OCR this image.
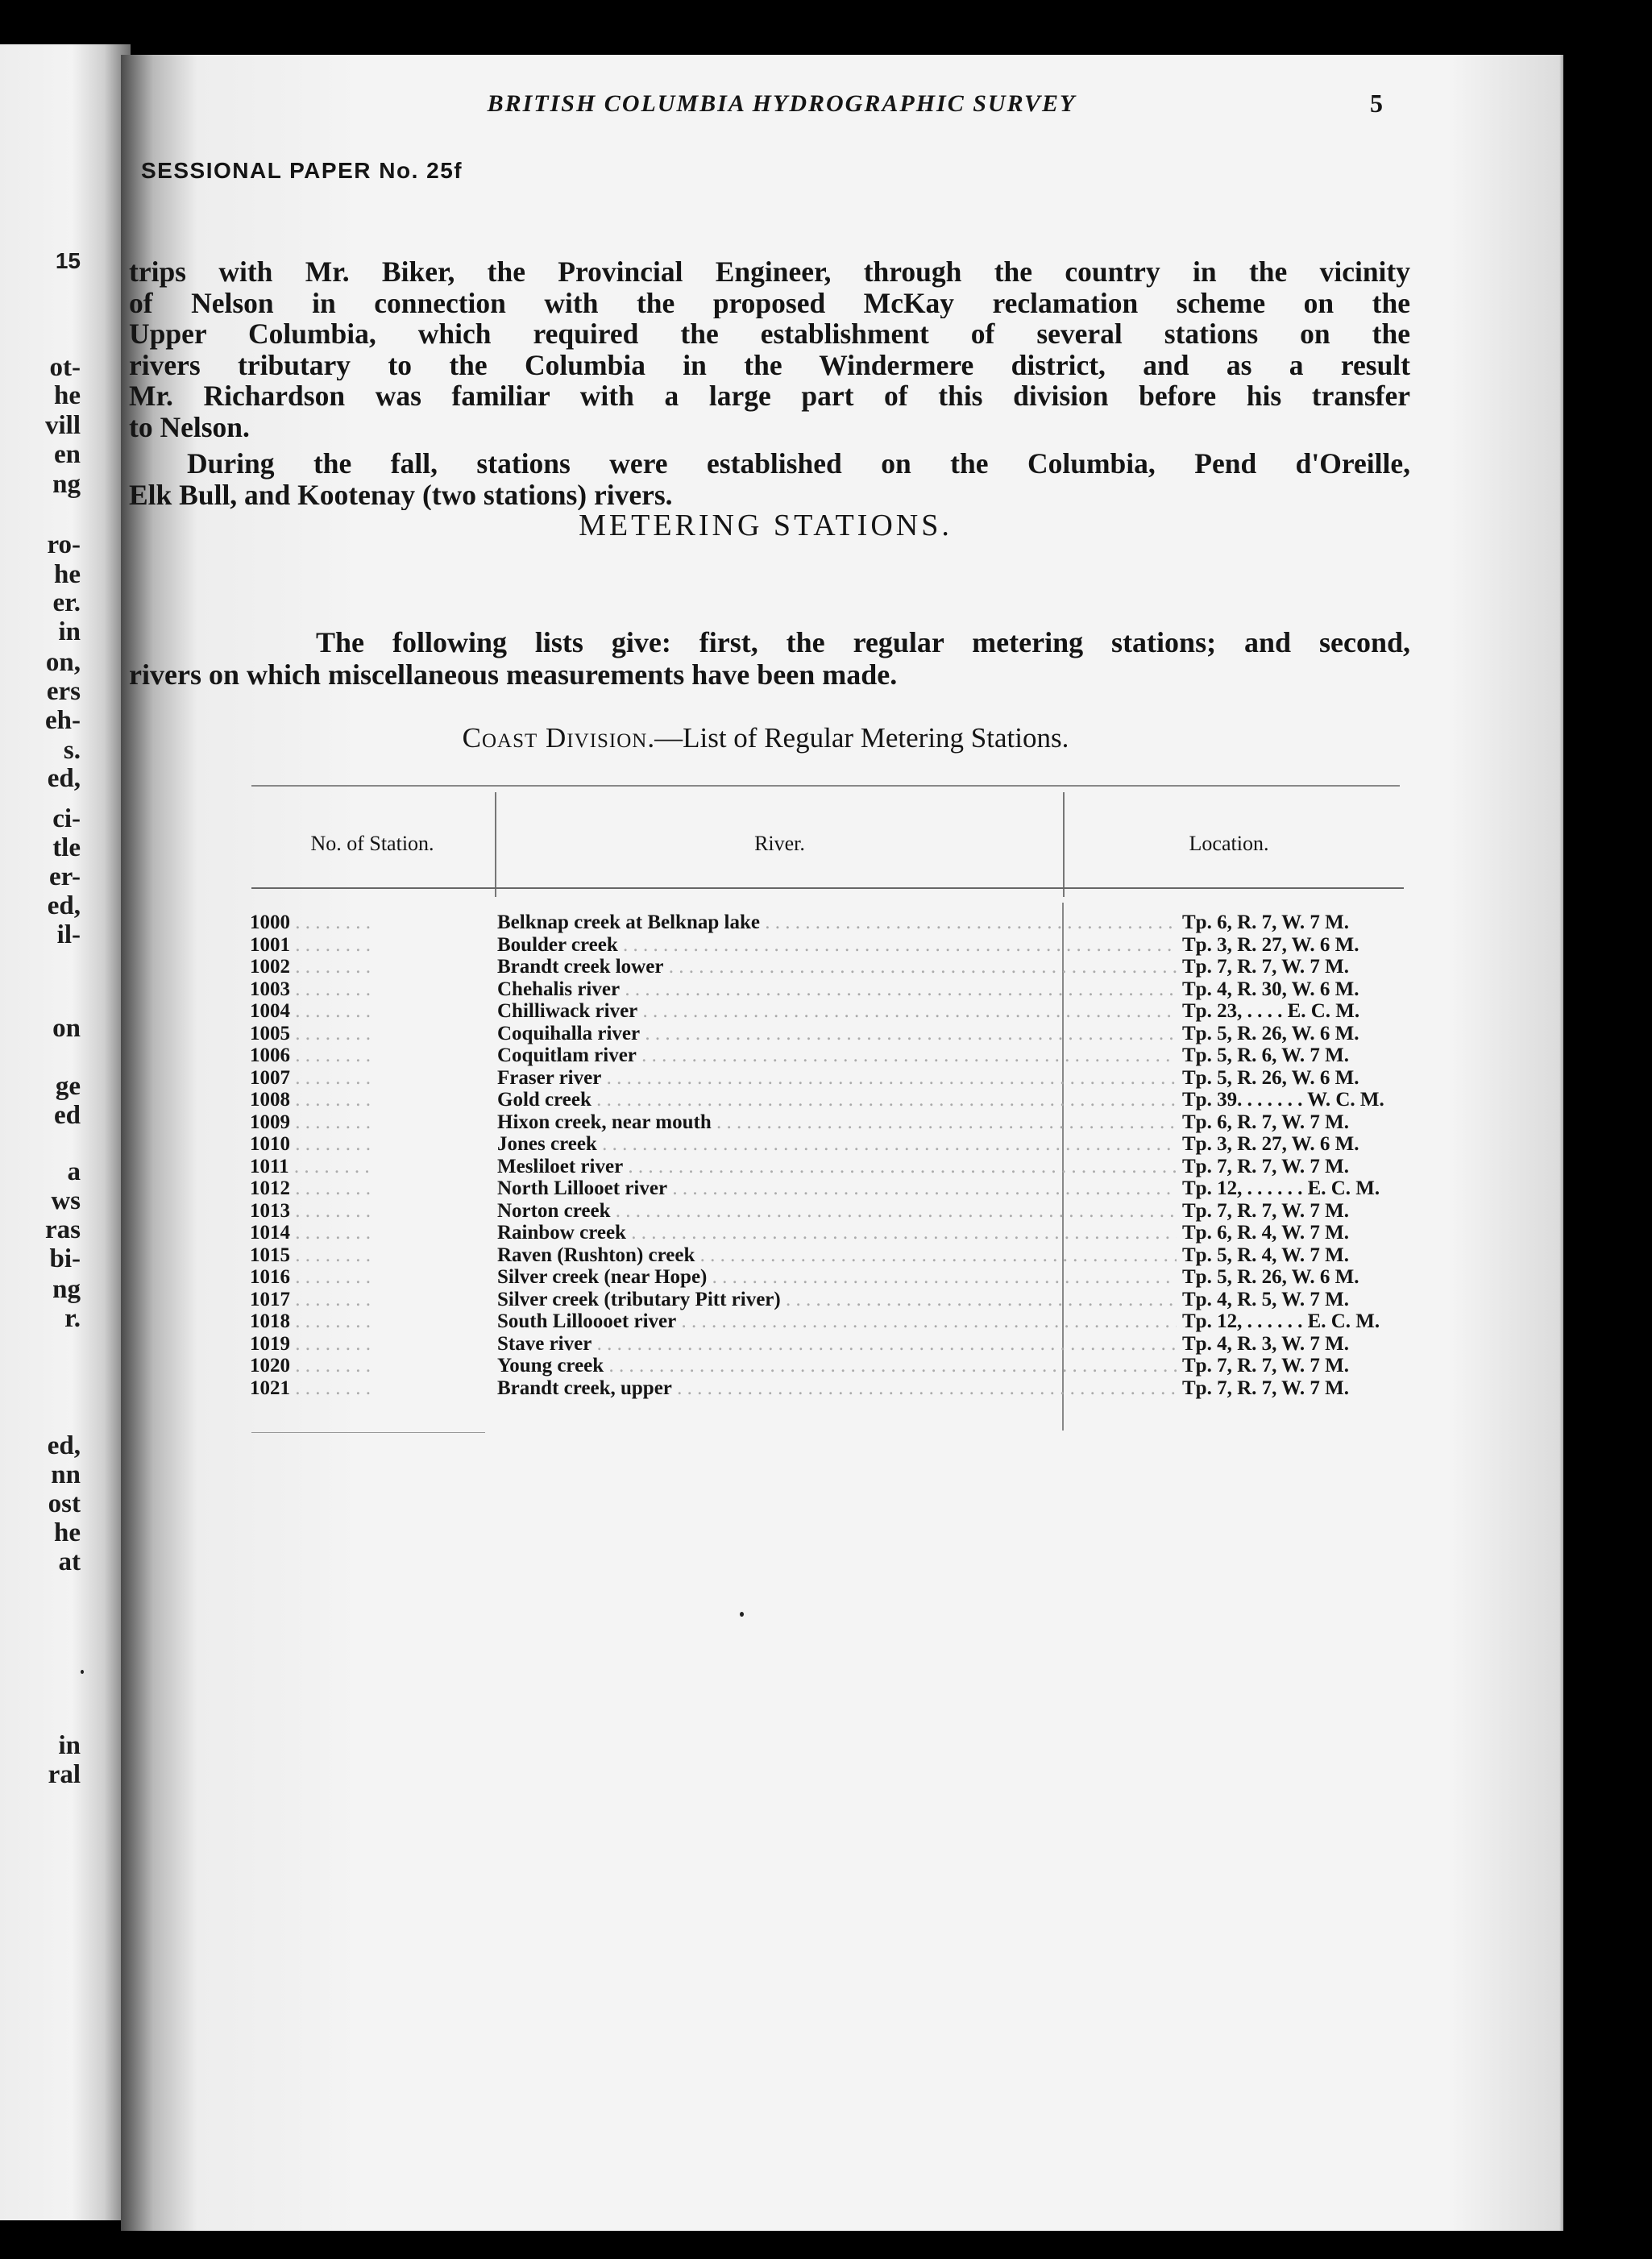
15
ot-
he
vill
en
ng
ro-
he
er.
in
on,
ers
eh-
s.
ed,
ci-
tle
er-
ed,
il-
on
ge
ed
a
ws
ras
bi-
ng
r.
ed,
nn
ost
he
at
in
ral
BRITISH COLUMBIA HYDROGRAPHIC SURVEY	5
SESSIONAL PAPER No. 25f
trips with Mr. Biker, the Provincial Engineer, through the country in the vicinity
of Nelson in connection with the proposed McKay reclamation scheme on the
Upper Columbia, which required the establishment of several stations on the
rivers tributary to the Columbia in the Windermere district, and as a result
Mr. Richardson was familiar with a large part of this division before his transfer
to Nelson.
During the fall, stations were established on the Columbia, Pend d'Oreille,
Elk Bull, and Kootenay (two stations) rivers.
METERING STATIONS.
The following lists give: first, the regular metering stations; and second,
rivers on which miscellaneous measurements have been made.
Coast Division.—List of Regular Metering Stations.
No. of Station.	River.	Location.
1000 . . .	Belknap creek at Belknap lake . . .	Tp. 6, R. 7, W. 7 M.
1001 . . .	Boulder creek . . .	Tp. 3, R. 27, W. 6 M.
1002 . . .	Brandt creek lower . . .	Tp. 7, R. 7, W. 7 M.
1003 . . .	Chehalis river . . .	Tp. 4, R. 30, W. 6 M.
1004 . . .	Chilliwack river . . .	Tp. 23, . . . . E. C. M.
1005 . . .	Coquihalla river . . .	Tp. 5, R. 26, W. 6 M.
1006 . . .	Coquitlam river . . .	Tp. 5, R. 6, W. 7 M.
1007 . . .	Fraser river . . .	Tp. 5, R. 26, W. 6 M.
1008 . . .	Gold creek . . .	Tp. 39. . . . . . . W. C. M.
1009 . . .	Hixon creek, near mouth . . .	Tp. 6, R. 7, W. 7 M.
1010 . . .	Jones creek . . .	Tp. 3, R. 27, W. 6 M.
1011 . . .	Mesliloet river . . .	Tp. 7, R. 7, W. 7 M.
1012 . . .	North Lillooet river . . .	Tp. 12, . . . . . . E. C. M.
1013 . . .	Norton creek . . .	Tp. 7, R. 7, W. 7 M.
1014 . . .	Rainbow creek . . .	Tp. 6, R. 4, W. 7 M.
1015 . . .	Raven (Rushton) creek . . .	Tp. 5, R. 4, W. 7 M.
1016 . . .	Silver creek (near Hope) . . .	Tp. 5, R. 26, W. 6 M.
1017 . . .	Silver creek (tributary Pitt river) . . .	Tp. 4, R. 5, W. 7 M.
1018 . . .	South Lilloooet river . . .	Tp. 12, . . . . . . E. C. M.
1019 . . .	Stave river . . .	Tp. 4, R. 3, W. 7 M.
1020 . . .	Young creek . . .	Tp. 7, R. 7, W. 7 M.
1021 . . .	Brandt creek, upper . . .	Tp. 7, R. 7, W. 7 M.
